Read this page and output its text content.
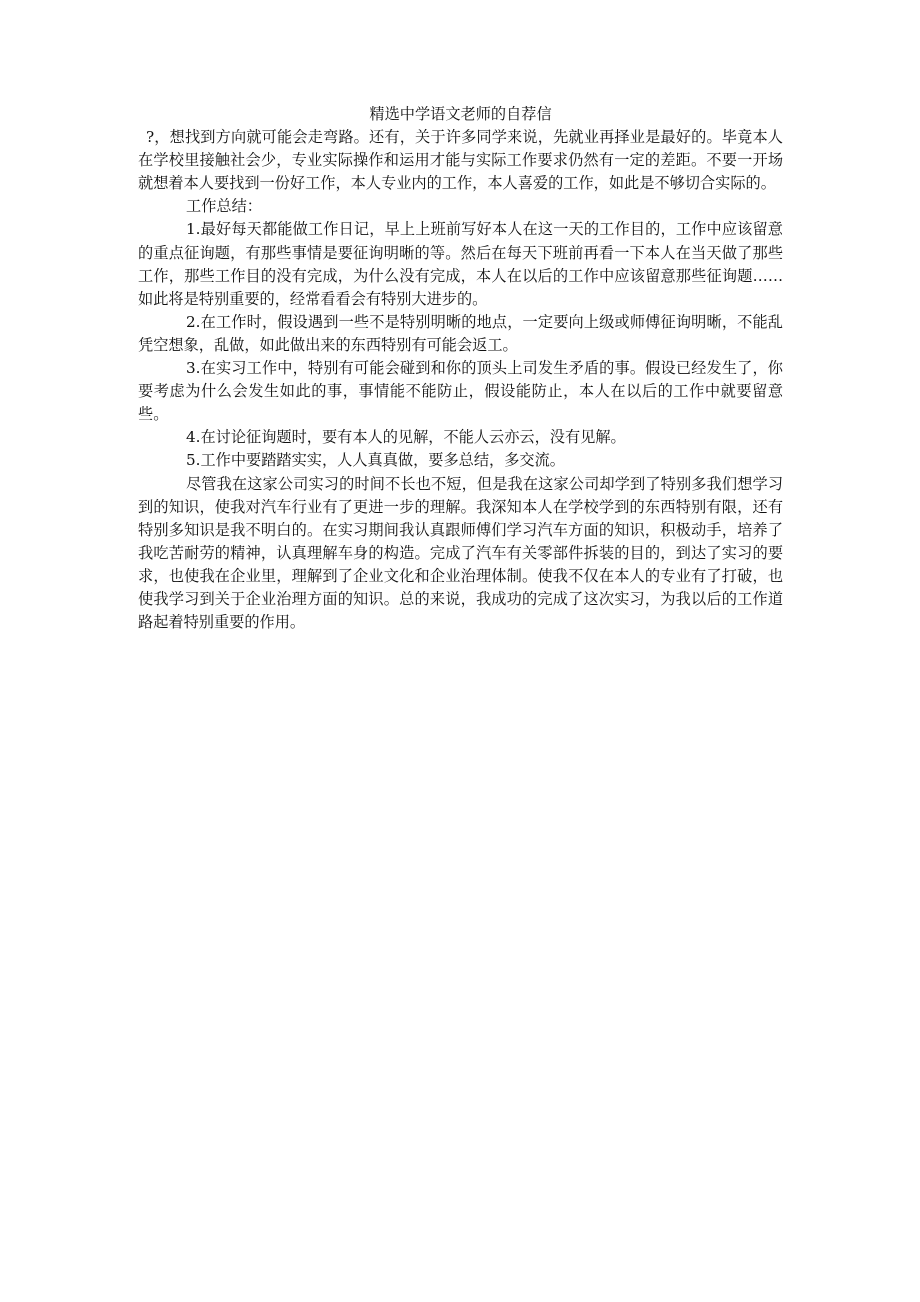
精选中学语文老师的自荐信

?，想找到方向就可能会走弯路。还有，关于许多同学来说，先就业再择业是最好的。毕竟本人在学校里接触社会少，专业实际操作和运用才能与实际工作要求仍然有一定的差距。不要一开场就想着本人要找到一份好工作，本人专业内的工作，本人喜爱的工作，如此是不够切合实际的。

工作总结：

1.最好每天都能做工作日记，早上上班前写好本人在这一天的工作目的，工作中应该留意的重点征询题，有那些事情是要征询明晰的等。然后在每天下班前再看一下本人在当天做了那些工作，那些工作目的没有完成，为什么没有完成，本人在以后的工作中应该留意那些征询题……如此将是特别重要的，经常看看会有特别大进步的。

2.在工作时，假设遇到一些不是特别明晰的地点，一定要向上级或师傅征询明晰，不能乱凭空想象，乱做，如此做出来的东西特别有可能会返工。

3.在实习工作中，特别有可能会碰到和你的顶头上司发生矛盾的事。假设已经发生了，你要考虑为什么会发生如此的事，事情能不能防止，假设能防止，本人在以后的工作中就要留意些。

4.在讨论征询题时，要有本人的见解，不能人云亦云，没有见解。

5.工作中要踏踏实实，人人真真做，要多总结，多交流。

尽管我在这家公司实习的时间不长也不短，但是我在这家公司却学到了特别多我们想学习到的知识，使我对汽车行业有了更进一步的理解。我深知本人在学校学到的东西特别有限，还有特别多知识是我不明白的。在实习期间我认真跟师傅们学习汽车方面的知识，积极动手，培养了我吃苦耐劳的精神，认真理解车身的构造。完成了汽车有关零部件拆装的目的，到达了实习的要求，也使我在企业里，理解到了企业文化和企业治理体制。使我不仅在本人的专业有了打破，也使我学习到关于企业治理方面的知识。总的来说，我成功的完成了这次实习，为我以后的工作道路起着特别重要的作用。
